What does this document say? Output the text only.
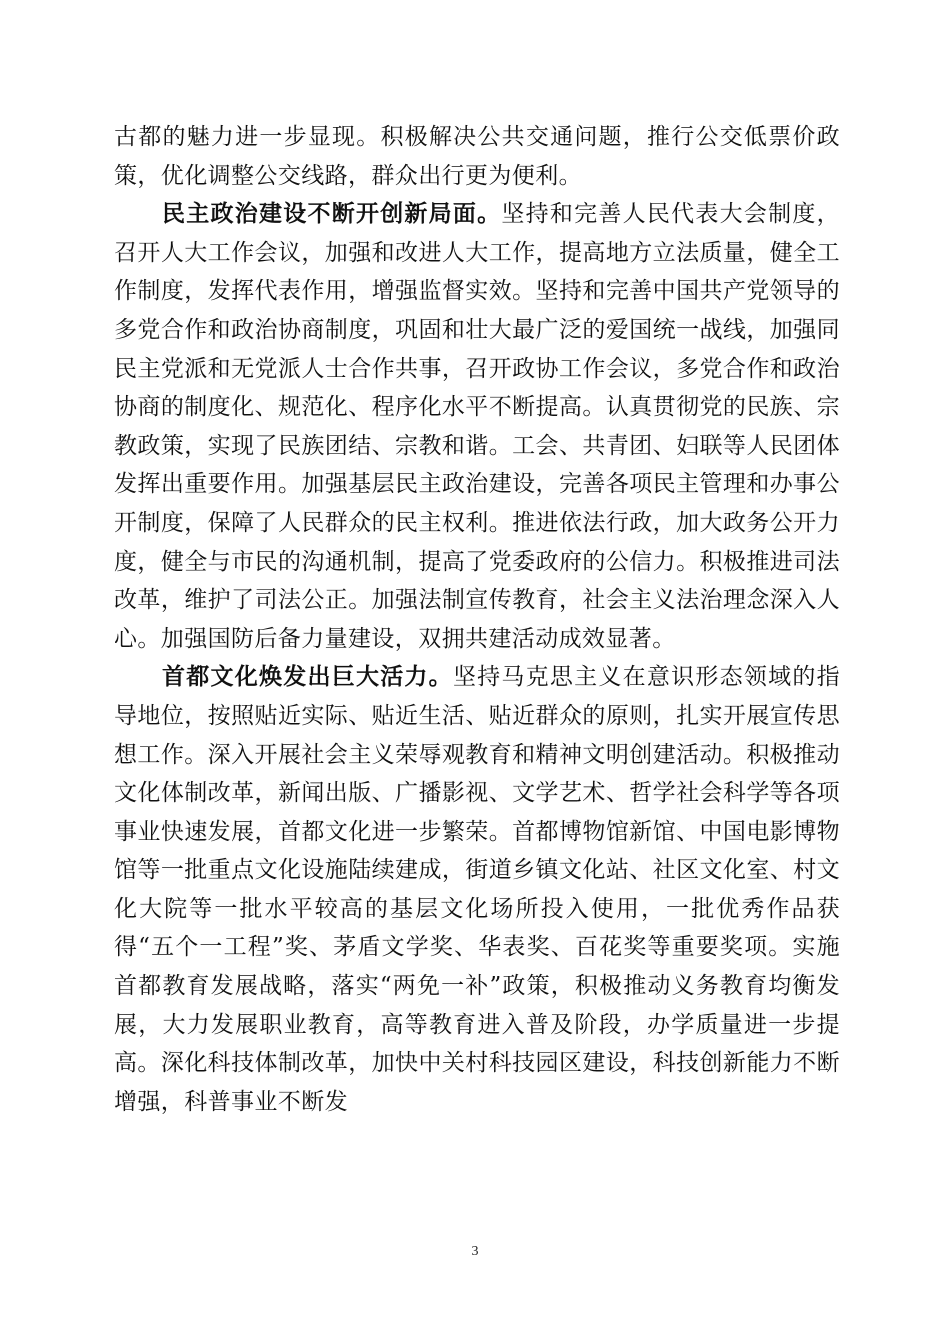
古都的魅力进一步显现。积极解决公共交通问题，推行公交低票价政策，优化调整公交线路，群众出行更为便利。

民主政治建设不断开创新局面。坚持和完善人民代表大会制度，召开人大工作会议，加强和改进人大工作，提高地方立法质量，健全工作制度，发挥代表作用，增强监督实效。坚持和完善中国共产党领导的多党合作和政治协商制度，巩固和壮大最广泛的爱国统一战线，加强同民主党派和无党派人士合作共事，召开政协工作会议，多党合作和政治协商的制度化、规范化、程序化水平不断提高。认真贯彻党的民族、宗教政策，实现了民族团结、宗教和谐。工会、共青团、妇联等人民团体发挥出重要作用。加强基层民主政治建设，完善各项民主管理和办事公开制度，保障了人民群众的民主权利。推进依法行政，加大政务公开力度，健全与市民的沟通机制，提高了党委政府的公信力。积极推进司法改革，维护了司法公正。加强法制宣传教育，社会主义法治理念深入人心。加强国防后备力量建设，双拥共建活动成效显著。

首都文化焕发出巨大活力。坚持马克思主义在意识形态领域的指导地位，按照贴近实际、贴近生活、贴近群众的原则，扎实开展宣传思想工作。深入开展社会主义荣辱观教育和精神文明创建活动。积极推动文化体制改革，新闻出版、广播影视、文学艺术、哲学社会科学等各项事业快速发展，首都文化进一步繁荣。首都博物馆新馆、中国电影博物馆等一批重点文化设施陆续建成，街道乡镇文化站、社区文化室、村文化大院等一批水平较高的基层文化场所投入使用，一批优秀作品获得“五个一工程”奖、茅盾文学奖、华表奖、百花奖等重要奖项。实施首都教育发展战略，落实“两免一补”政策，积极推动义务教育均衡发展，大力发展职业教育，高等教育进入普及阶段，办学质量进一步提高。深化科技体制改革，加快中关村科技园区建设，科技创新能力不断增强，科普事业不断发

3
